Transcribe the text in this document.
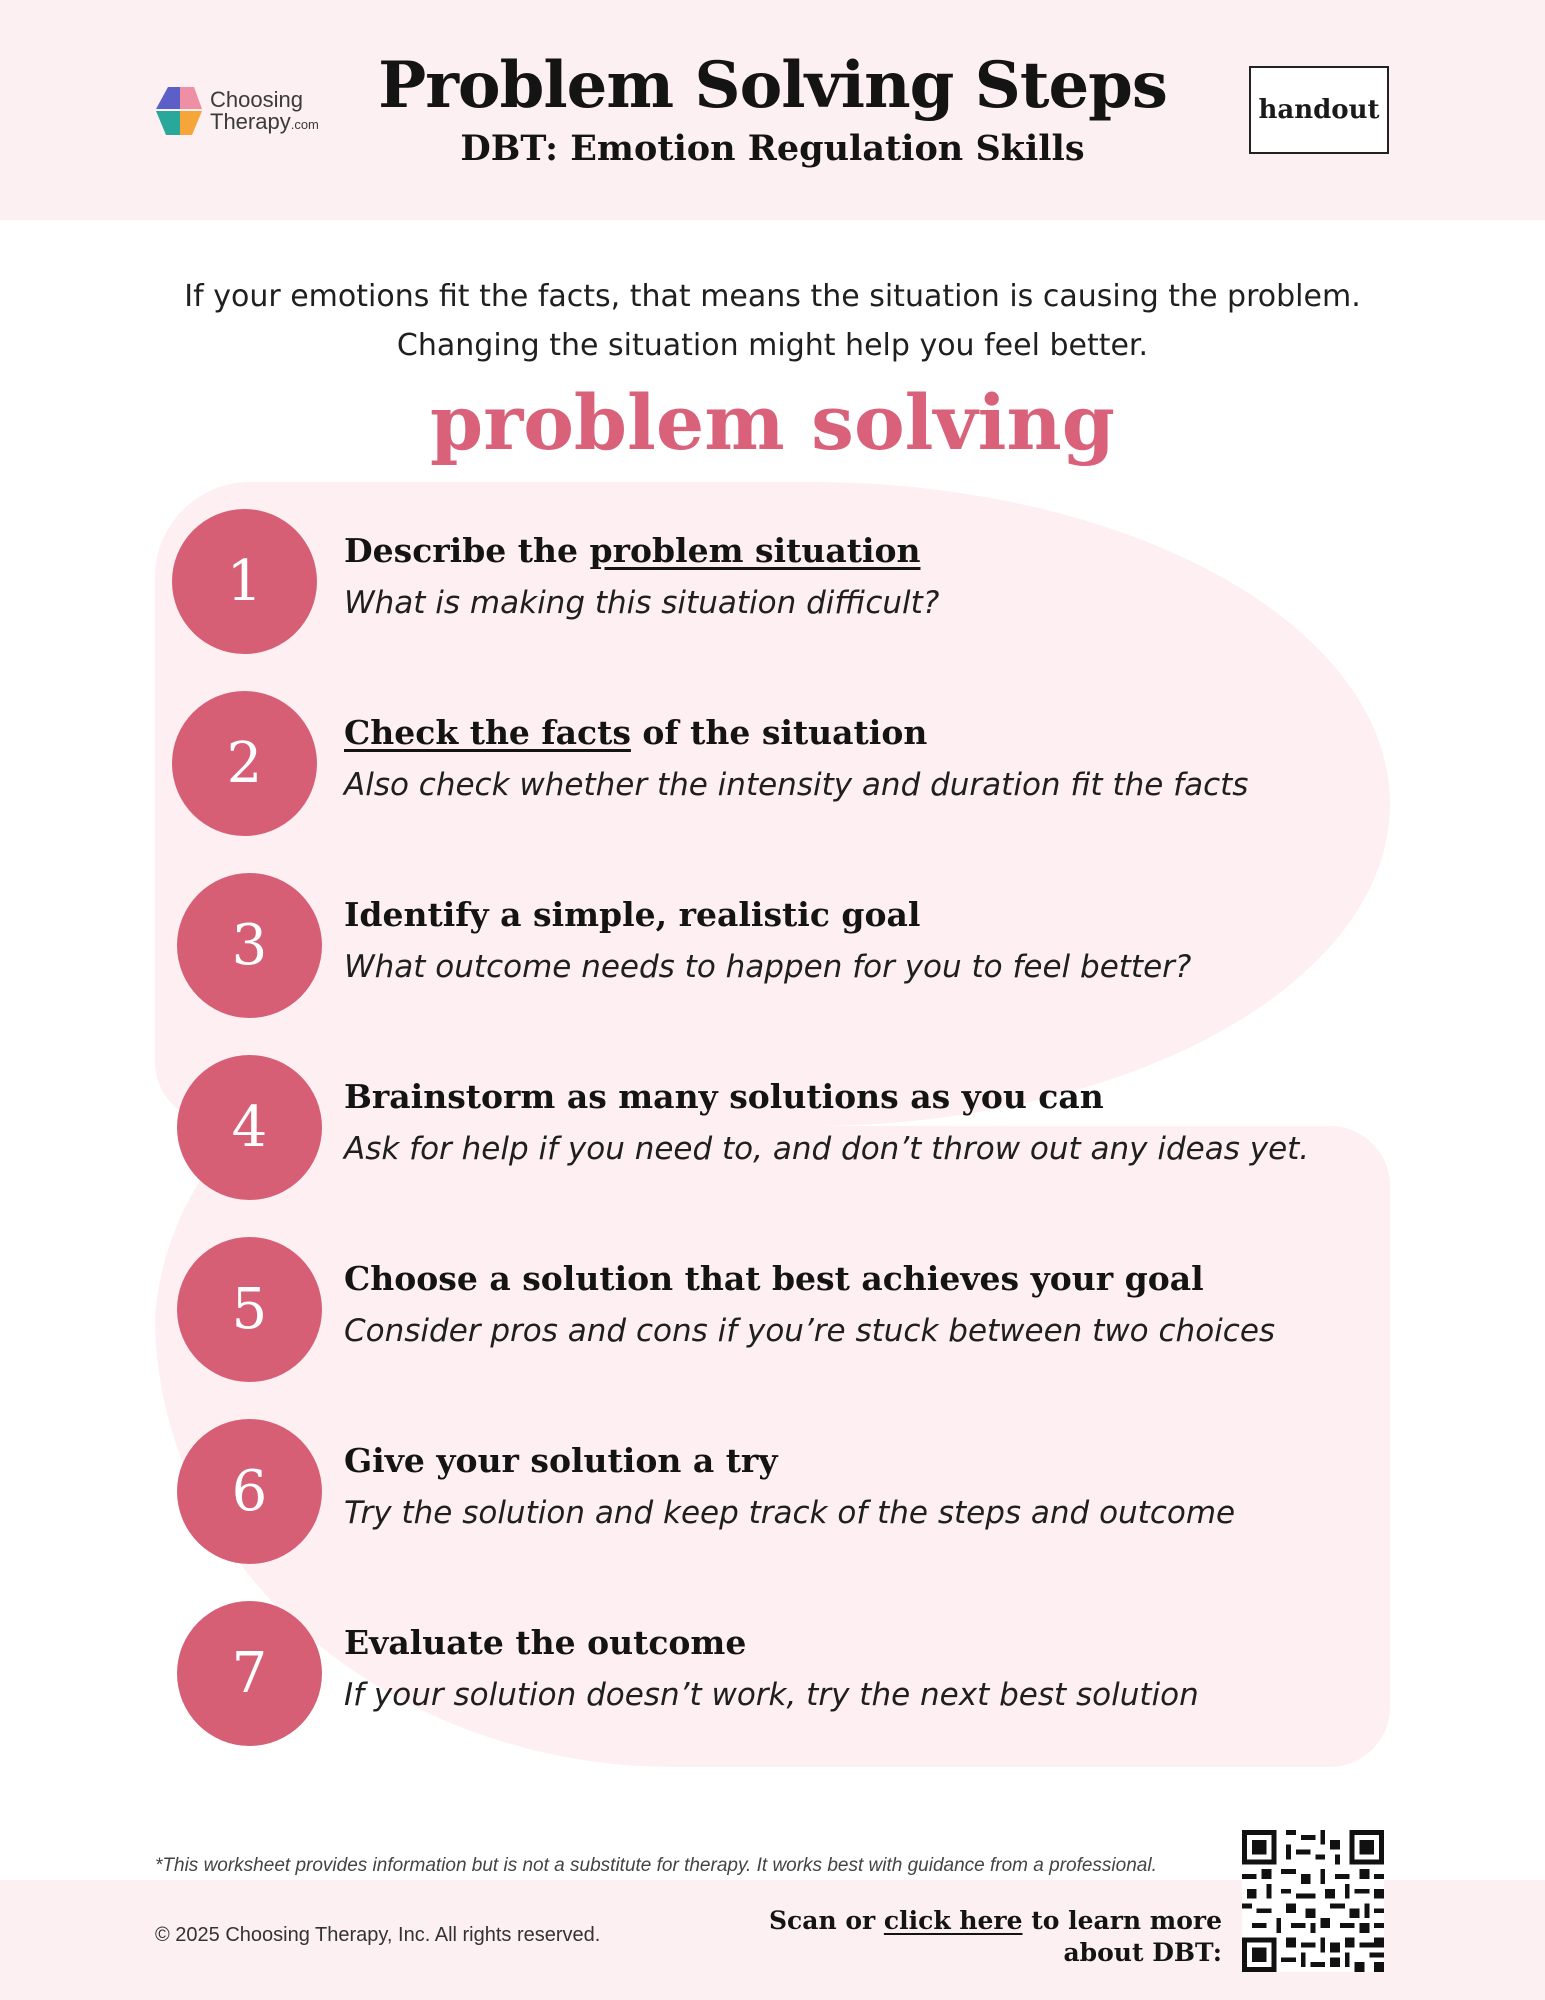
Choosing
Therapy.com
Problem Solving Steps
DBT: Emotion Regulation Skills
handout
If your emotions fit the facts, that means the situation is causing the problem.
Changing the situation might help you feel better.
problem solving
1	Describe the problem situation
What is making this situation difficult?
2	Check the facts of the situation
Also check whether the intensity and duration fit the facts
3	Identify a simple, realistic goal
What outcome needs to happen for you to feel better?
4	Brainstorm as many solutions as you can
Ask for help if you need to, and don’t throw out any ideas yet.
5	Choose a solution that best achieves your goal
Consider pros and cons if you’re stuck between two choices
6	Give your solution a try
Try the solution and keep track of the steps and outcome
7	Evaluate the outcome
If your solution doesn’t work, try the next best solution
*This worksheet provides information but is not a substitute for therapy. It works best with guidance from a professional.
© 2025 Choosing Therapy, Inc. All rights reserved.	Scan or click here to learn more
about DBT:
